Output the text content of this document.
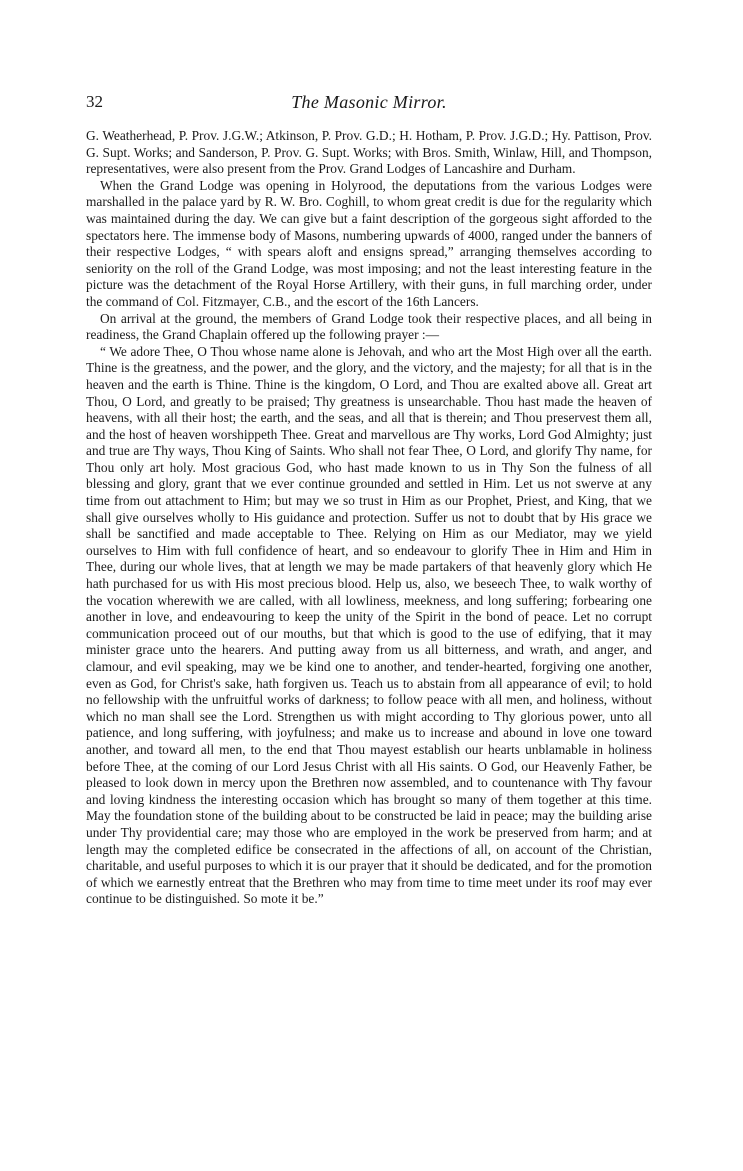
32	The Masonic Mirror.

G. Weatherhead, P. Prov. J.G.W.; Atkinson, P. Prov. G.D.; H. Hotham, P. Prov. J.G.D.; Hy. Pattison, Prov. G. Supt. Works; and Sanderson, P. Prov. G. Supt. Works; with Bros. Smith, Winlaw, Hill, and Thompson, representatives, were also present from the Prov. Grand Lodges of Lancashire and Durham.

When the Grand Lodge was opening in Holyrood, the deputations from the various Lodges were marshalled in the palace yard by R. W. Bro. Coghill, to whom great credit is due for the regularity which was maintained during the day. We can give but a faint description of the gorgeous sight afforded to the spectators here. The immense body of Masons, numbering upwards of 4000, ranged under the banners of their respective Lodges, “ with spears aloft and ensigns spread,” arranging themselves according to seniority on the roll of the Grand Lodge, was most imposing; and not the least interesting feature in the picture was the detachment of the Royal Horse Artillery, with their guns, in full marching order, under the command of Col. Fitzmayer, C.B., and the escort of the 16th Lancers.

On arrival at the ground, the members of Grand Lodge took their respective places, and all being in readiness, the Grand Chaplain offered up the following prayer :—

“ We adore Thee, O Thou whose name alone is Jehovah, and who art the Most High over all the earth. Thine is the greatness, and the power, and the glory, and the victory, and the majesty; for all that is in the heaven and the earth is Thine. Thine is the kingdom, O Lord, and Thou are exalted above all. Great art Thou, O Lord, and greatly to be praised; Thy greatness is unsearchable. Thou hast made the heaven of heavens, with all their host; the earth, and the seas, and all that is therein; and Thou preservest them all, and the host of heaven worshippeth Thee. Great and marvellous are Thy works, Lord God Almighty; just and true are Thy ways, Thou King of Saints. Who shall not fear Thee, O Lord, and glorify Thy name, for Thou only art holy. Most gracious God, who hast made known to us in Thy Son the fulness of all blessing and glory, grant that we ever continue grounded and settled in Him. Let us not swerve at any time from out attachment to Him; but may we so trust in Him as our Prophet, Priest, and King, that we shall give ourselves wholly to His guidance and protection. Suffer us not to doubt that by His grace we shall be sanctified and made acceptable to Thee. Relying on Him as our Mediator, may we yield ourselves to Him with full confidence of heart, and so endeavour to glorify Thee in Him and Him in Thee, during our whole lives, that at length we may be made partakers of that heavenly glory which He hath purchased for us with His most precious blood. Help us, also, we beseech Thee, to walk worthy of the vocation wherewith we are called, with all lowliness, meekness, and long suffering; forbearing one another in love, and endeavouring to keep the unity of the Spirit in the bond of peace. Let no corrupt communication proceed out of our mouths, but that which is good to the use of edifying, that it may minister grace unto the hearers. And putting away from us all bitterness, and wrath, and anger, and clamour, and evil speaking, may we be kind one to another, and tender-hearted, forgiving one another, even as God, for Christ's sake, hath forgiven us. Teach us to abstain from all appearance of evil; to hold no fellowship with the unfruitful works of darkness; to follow peace with all men, and holiness, without which no man shall see the Lord. Strengthen us with might according to Thy glorious power, unto all patience, and long suffering, with joyfulness; and make us to increase and abound in love one toward another, and toward all men, to the end that Thou mayest establish our hearts unblamable in holiness before Thee, at the coming of our Lord Jesus Christ with all His saints. O God, our Heavenly Father, be pleased to look down in mercy upon the Brethren now assembled, and to countenance with Thy favour and loving kindness the interesting occasion which has brought so many of them together at this time. May the foundation stone of the building about to be constructed be laid in peace; may the building arise under Thy providential care; may those who are employed in the work be preserved from harm; and at length may the completed edifice be consecrated in the affections of all, on account of the Christian, charitable, and useful purposes to which it is our prayer that it should be dedicated, and for the promotion of which we earnestly entreat that the Brethren who may from time to time meet under its roof may ever continue to be distinguished. So mote it be.”
